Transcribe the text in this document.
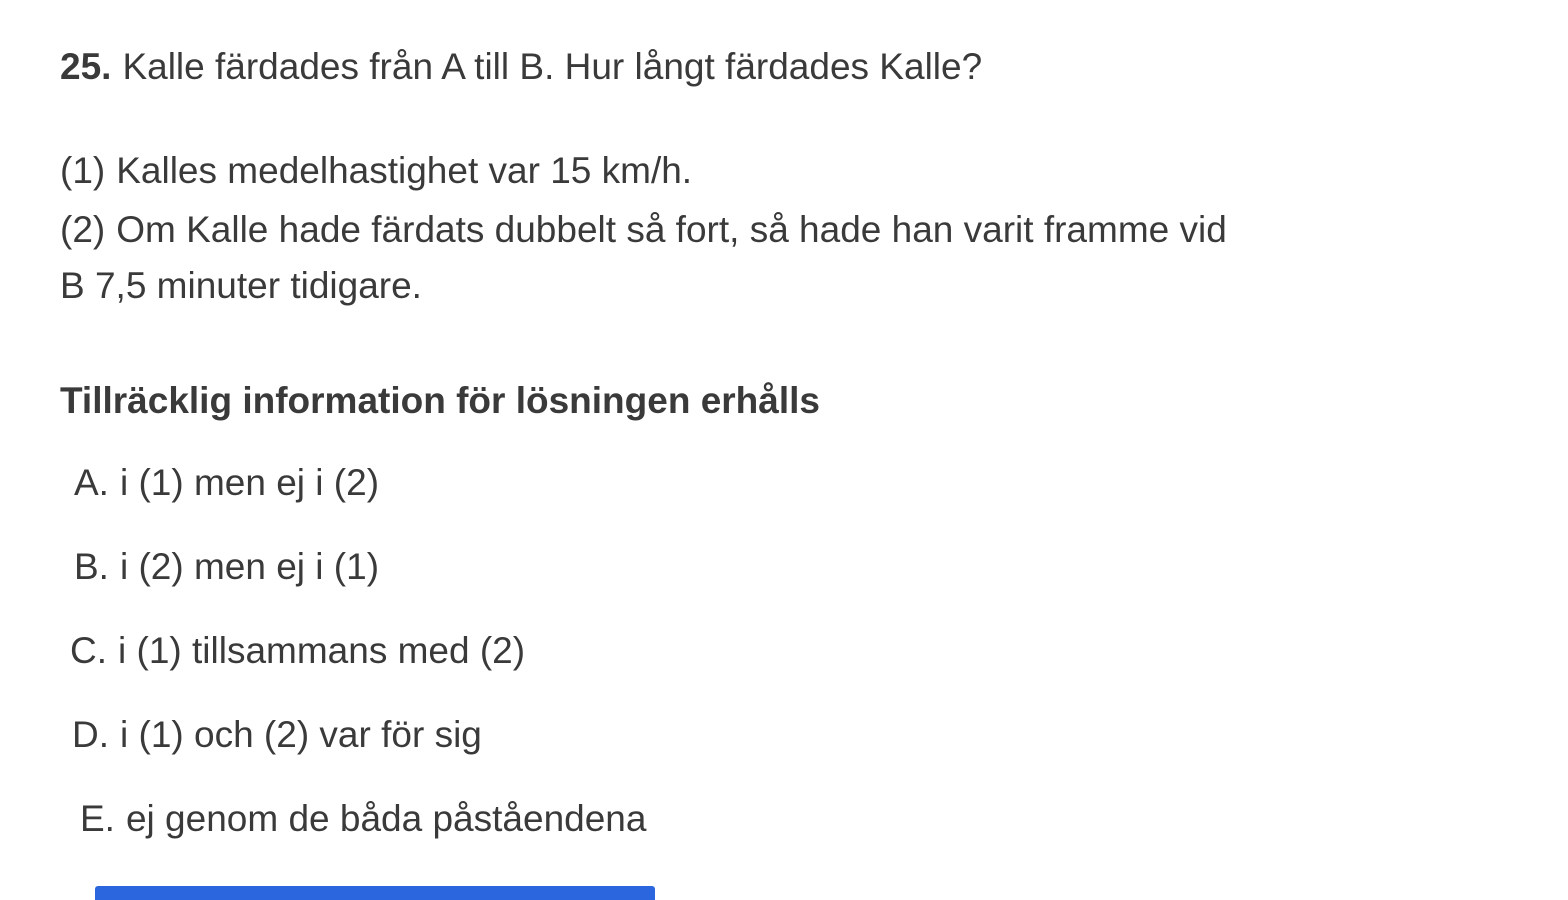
25. Kalle färdades från A till B. Hur långt färdades Kalle?
(1) Kalles medelhastighet var 15 km/h.
(2) Om Kalle hade färdats dubbelt så fort, så hade han varit framme vid
B 7,5 minuter tidigare.
Tillräcklig information för lösningen erhålls
A. i (1) men ej i (2)
B. i (2) men ej i (1)
C. i (1) tillsammans med (2)
D. i (1) och (2) var för sig
E. ej genom de båda påståendena
